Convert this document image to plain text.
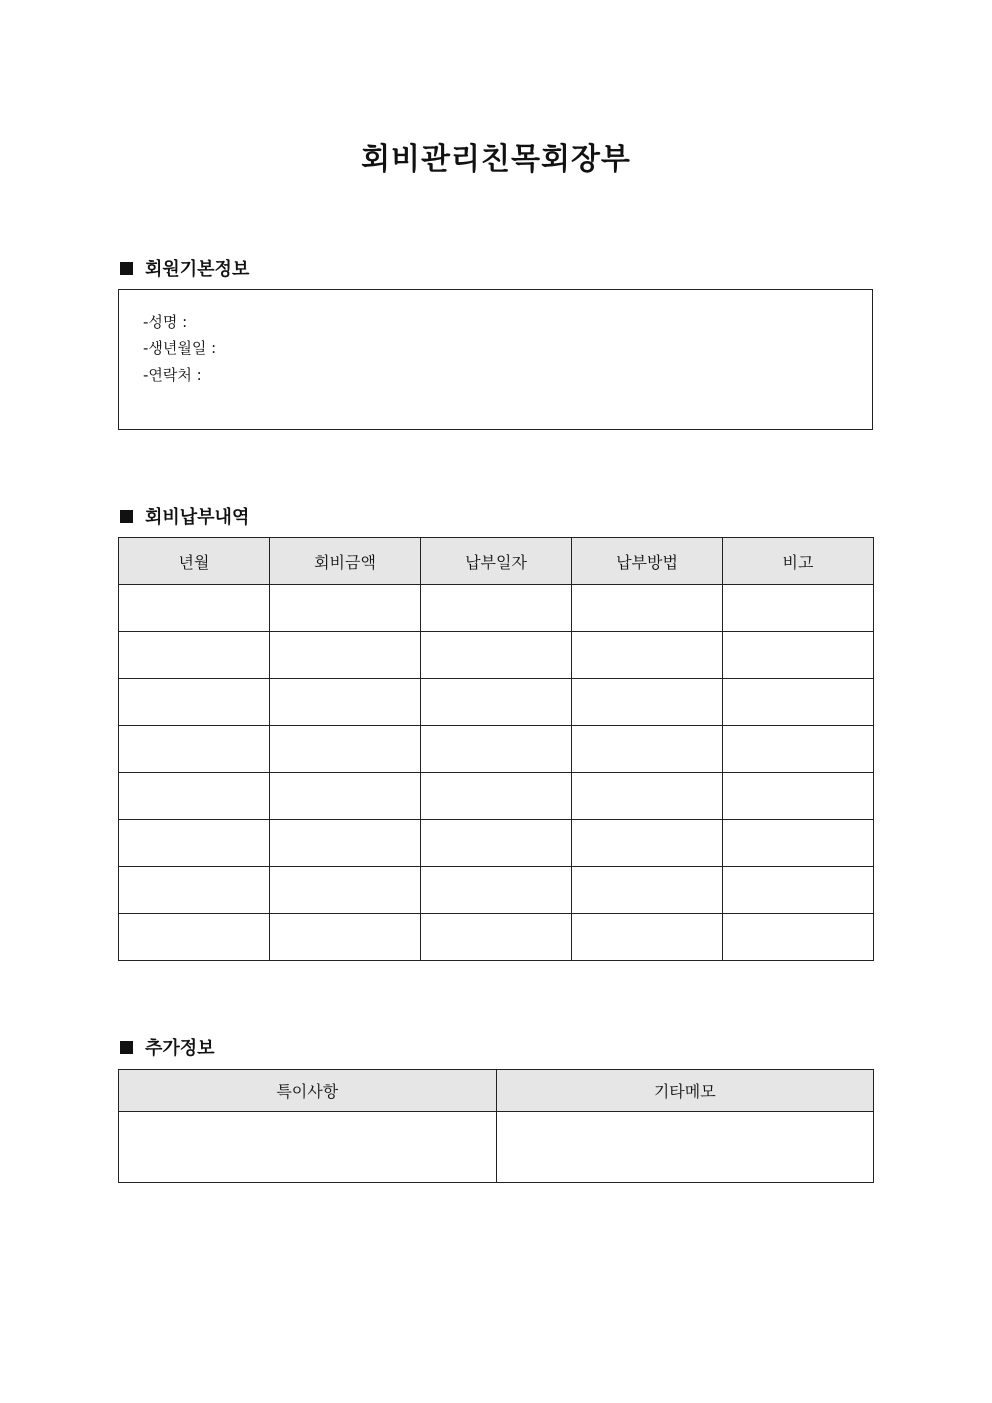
회비관리친목회장부
회원기본정보
-성명 :
-생년월일 :
-연락처 :
회비납부내역
년월	회비금액	납부일자	납부방법	비고

추가정보
특이사항	기타메모
